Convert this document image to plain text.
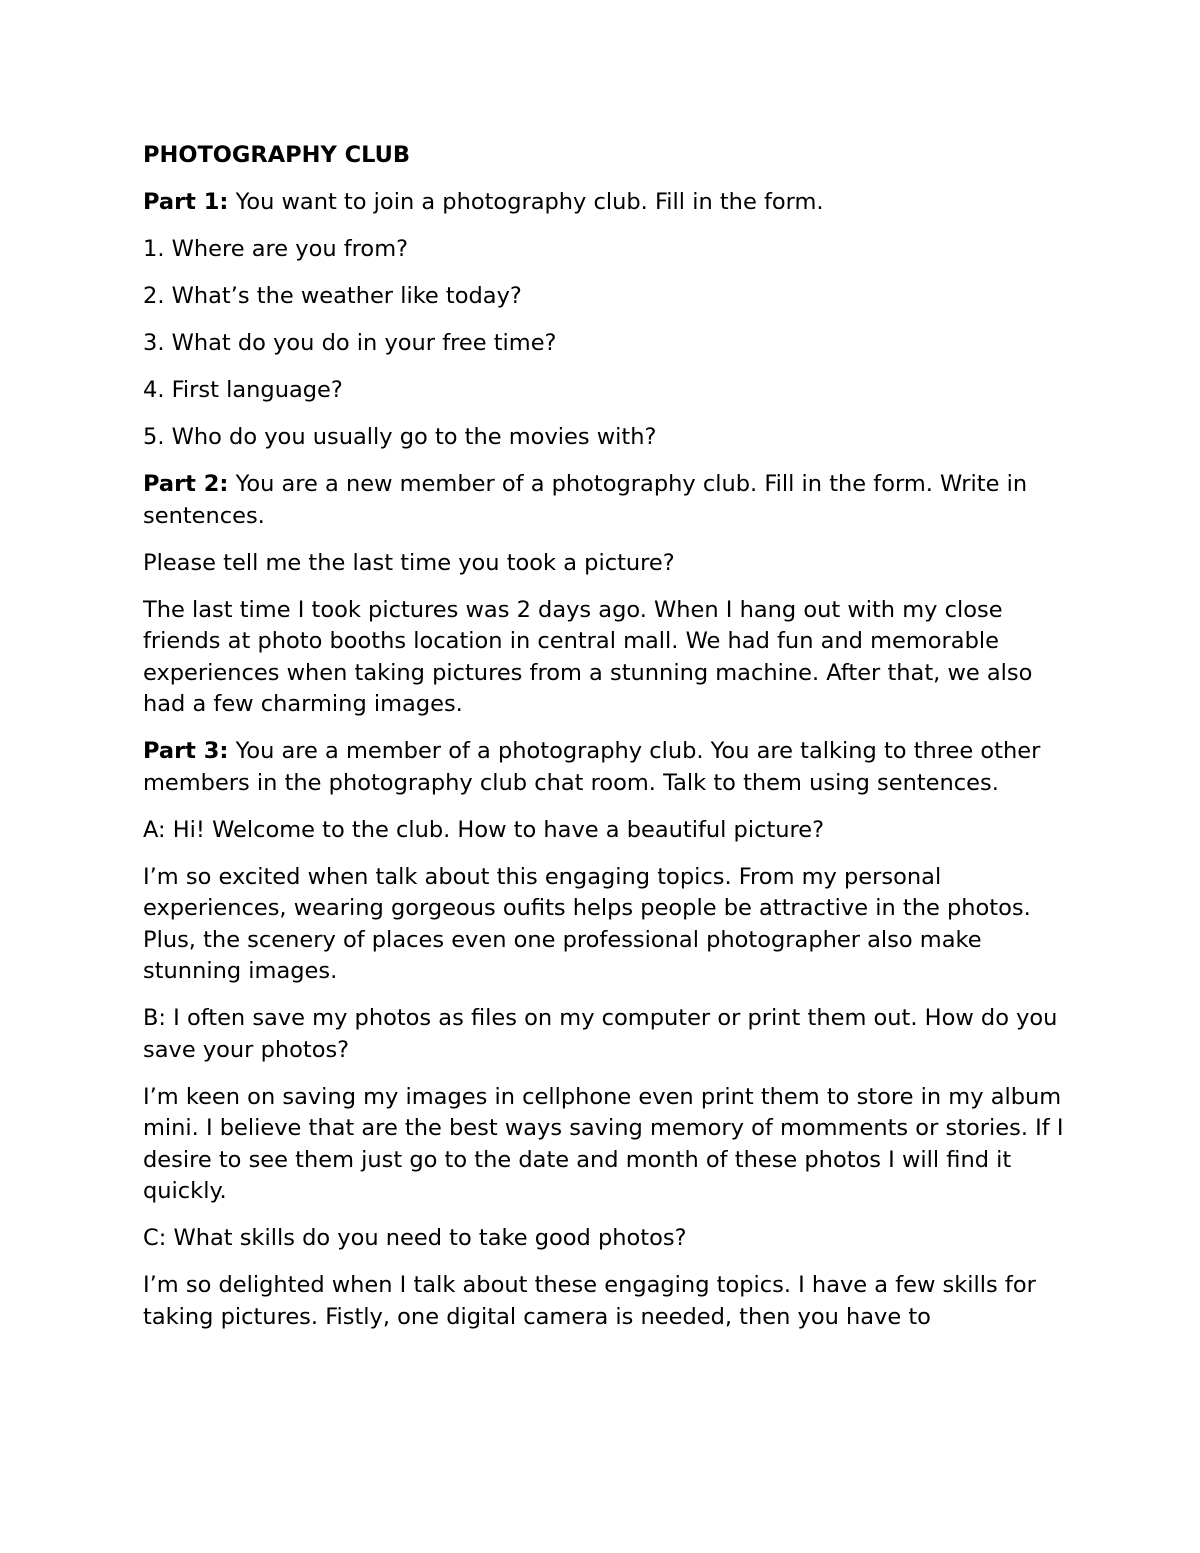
PHOTOGRAPHY CLUB

Part 1: You want to join a photography club. Fill in the form.

1. Where are you from?

2. What’s the weather like today?

3. What do you do in your free time?

4. First language?

5. Who do you usually go to the movies with?

Part 2: You are a new member of a photography club. Fill in the form. Write in sentences.

Please tell me the last time you took a picture?

The last time I took pictures was 2 days ago. When I hang out with my close friends at photo booths location in central mall. We had fun and memorable experiences when taking pictures from a stunning machine. After that, we also had a few charming images.

Part 3: You are a member of a photography club. You are talking to three other members in the photography club chat room. Talk to them using sentences.

A: Hi! Welcome to the club. How to have a beautiful picture?

I’m so excited when talk about this engaging topics. From my personal experiences, wearing gorgeous oufits helps people be attractive in the photos. Plus, the scenery of places even one professional photographer also make stunning images.

B: I often save my photos as files on my computer or print them out. How do you save your photos?

I’m keen on saving my images in cellphone even print them to store in my album mini. I believe that are the best ways saving memory of momments or stories. If I desire to see them just go to the date and month of these photos I will find it quickly.

C: What skills do you need to take good photos?

I’m so delighted when I talk about these engaging topics. I have a few skills for taking pictures. Fistly, one digital camera is needed, then you have to
